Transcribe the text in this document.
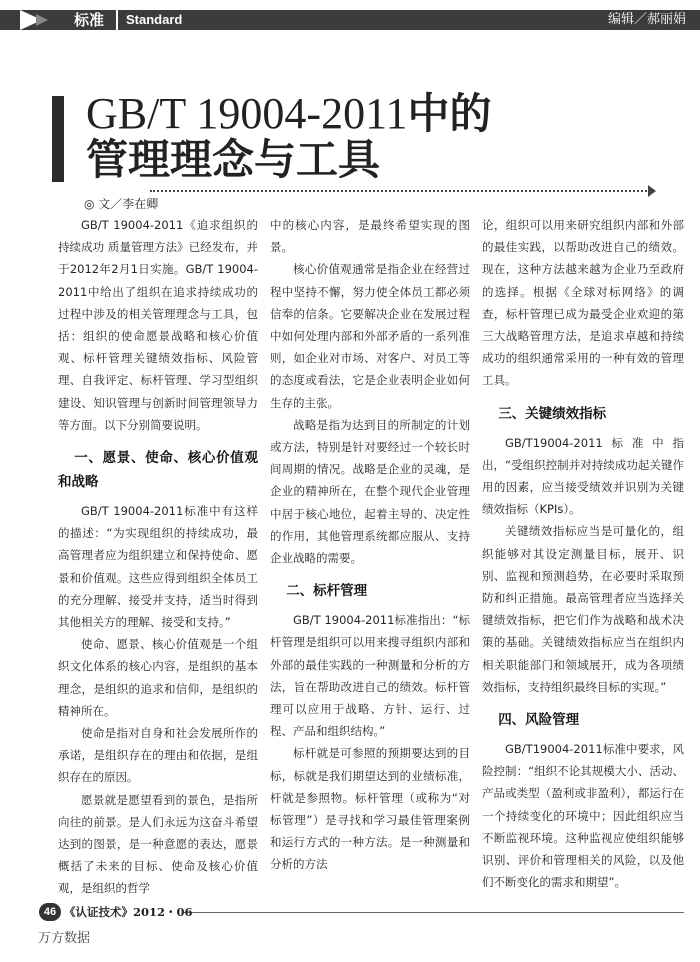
标准 Standard	编辑／郝丽娟
GB/T 19004-2011中的
管理理念与工具
◎ 文／李在卿

GB/T 19004-2011《追求组织的持续成功 质量管理方法》已经发布，并于2012年2月1日实施。GB/T 19004-2011中给出了组织在追求持续成功的过程中涉及的相关管理理念与工具，包括：组织的使命愿景战略和核心价值观、标杆管理关键绩效指标、风险管理、自我评定、标杆管理、学习型组织建设、知识管理与创新时间管理领导力等方面。以下分别简要说明。

一、愿景、使命、核心价值观和战略

GB/T 19004-2011标准中有这样的描述：“为实现组织的持续成功，最高管理者应为组织建立和保持使命、愿景和价值观。这些应得到组织全体员工的充分理解、接受并支持，适当时得到其他相关方的理解、接受和支持。”

使命、愿景、核心价值观是一个组织文化体系的核心内容，是组织的基本理念，是组织的追求和信仰，是组织的精神所在。

使命是指对自身和社会发展所作的承诺，是组织存在的理由和依据，是组织存在的原因。

愿景就是愿望看到的景色，是指所向往的前景。是人们永远为这奋斗希望达到的图景，是一种意愿的表达，愿景概括了未来的目标、使命及核心价值观，是组织的哲学

中的核心内容，是最终希望实现的图景。

核心价值观通常是指企业在经营过程中坚持不懈，努力使全体员工都必须信奉的信条。它要解决企业在发展过程中如何处理内部和外部矛盾的一系列准则，如企业对市场、对客户、对员工等的态度或看法，它是企业表明企业如何生存的主张。

战略是指为达到目的所制定的计划或方法，特别是针对要经过一个较长时间周期的情况。战略是企业的灵魂，是企业的精神所在，在整个现代企业管理中居于核心地位，起着主导的、决定性的作用，其他管理系统都应服从、支持企业战略的需要。

二、标杆管理

GB/T 19004-2011标准指出：“标杆管理是组织可以用来搜寻组织内部和外部的最佳实践的一种测量和分析的方法，旨在帮助改进自己的绩效。标杆管理可以应用于战略、方针、运行、过程、产品和组织结构。”

标杆就是可参照的预期要达到的目标，标就是我们期望达到的业绩标准，杆就是参照物。标杆管理（或称为“对标管理”）是寻找和学习最佳管理案例和运行方式的一种方法。是一种测量和分析的方法

论，组织可以用来研究组织内部和外部的最佳实践，以帮助改进自己的绩效。现在，这种方法越来越为企业乃至政府的选择。根据《全球对标网络》的调查，标杆管理已成为最受企业欢迎的第三大战略管理方法，是追求卓越和持续成功的组织通常采用的一种有效的管理工具。

三、关键绩效指标

GB/T19004-2011标准中指出，“受组织控制并对持续成功起关键作用的因素，应当接受绩效并识别为关键绩效指标（KPIs）。

关键绩效指标应当是可量化的，组织能够对其设定测量目标，展开、识别、监视和预测趋势，在必要时采取预防和纠正措施。最高管理者应当选择关键绩效指标，把它们作为战略和战术决策的基础。关键绩效指标应当在组织内相关职能部门和领域展开，成为各项绩效指标，支持组织最终目标的实现。”

四、风险管理

GB/T19004-2011标准中要求，风险控制：“组织不论其规模大小、活动、产品或类型（盈利或非盈利），都运行在一个持续变化的环境中；因此组织应当不断监视环境。这种监视应使组织能够识别、评价和管理相关的风险，以及他们不断变化的需求和期望”。

46 《认证技术》2012・06
万方数据
